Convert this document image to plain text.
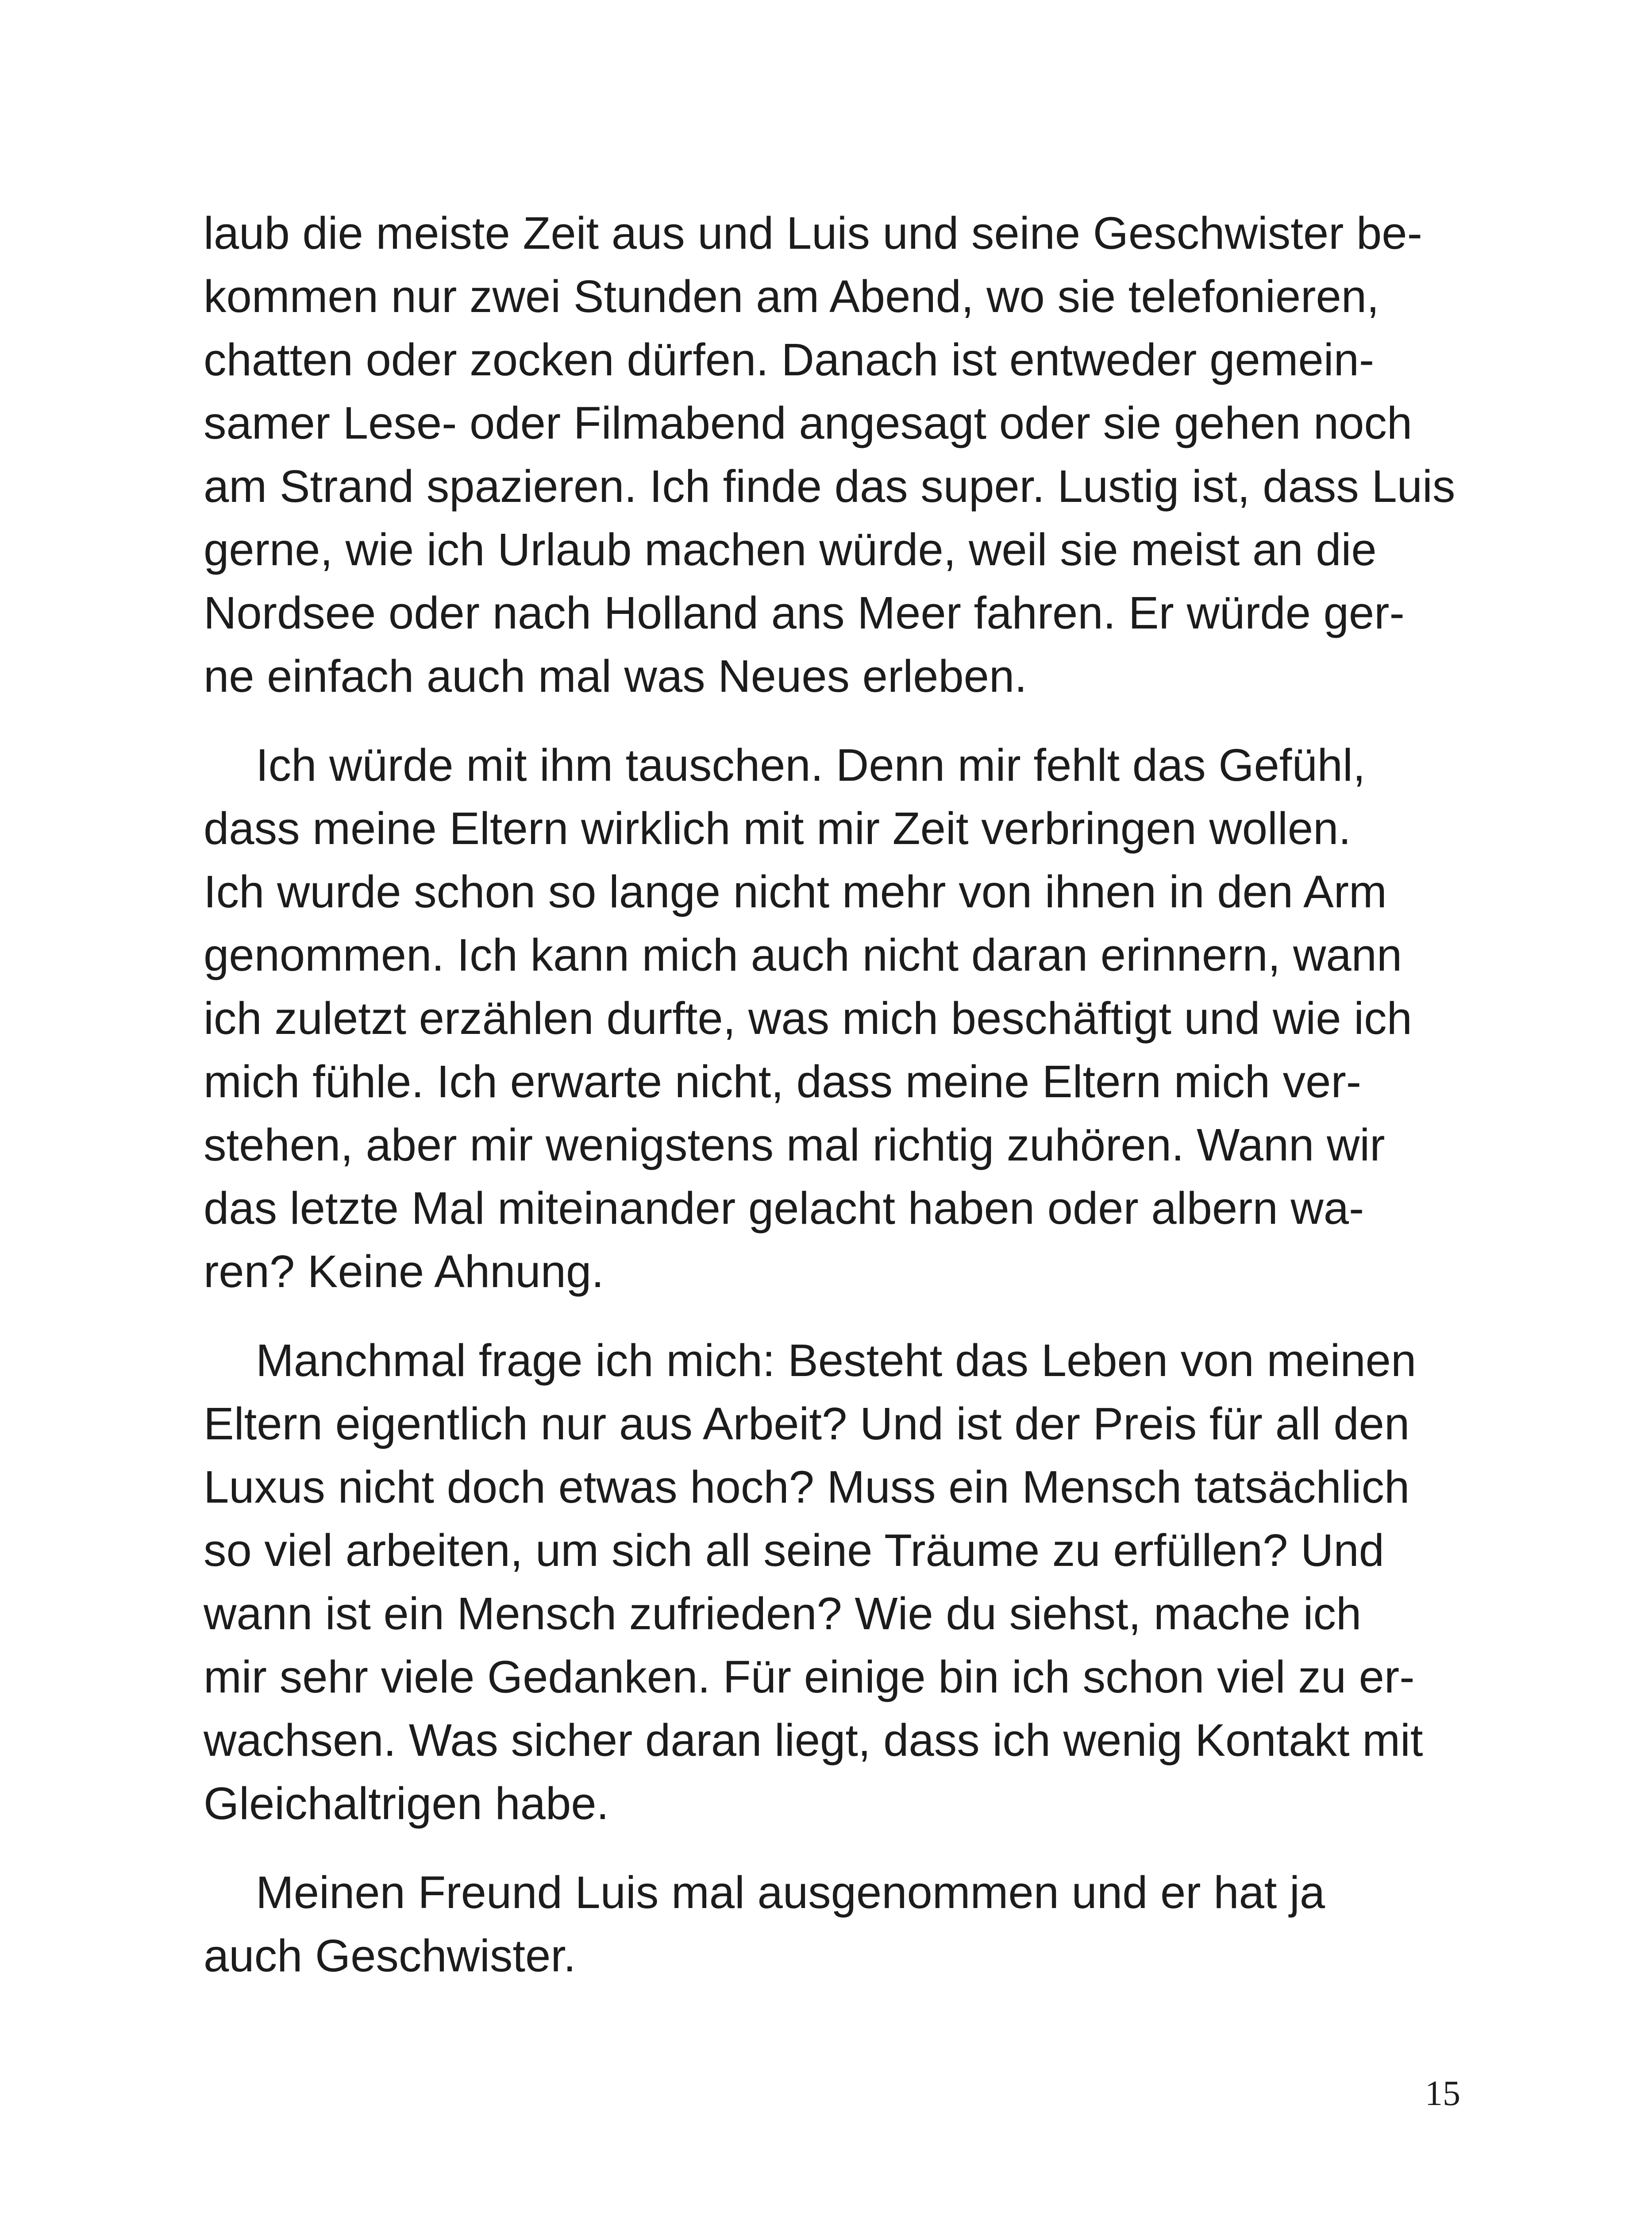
laub die meiste Zeit aus und Luis und seine Geschwister be-
kommen nur zwei Stunden am Abend, wo sie telefonieren,
chatten oder zocken dürfen. Danach ist entweder gemein-
samer Lese- oder Filmabend angesagt oder sie gehen noch
am Strand spazieren. Ich finde das super. Lustig ist, dass Luis
gerne, wie ich Urlaub machen würde, weil sie meist an die
Nordsee oder nach Holland ans Meer fahren. Er würde ger-
ne einfach auch mal was Neues erleben.

Ich würde mit ihm tauschen. Denn mir fehlt das Gefühl,
dass meine Eltern wirklich mit mir Zeit verbringen wollen.
Ich wurde schon so lange nicht mehr von ihnen in den Arm
genommen. Ich kann mich auch nicht daran erinnern, wann
ich zuletzt erzählen durfte, was mich beschäftigt und wie ich
mich fühle. Ich erwarte nicht, dass meine Eltern mich ver-
stehen, aber mir wenigstens mal richtig zuhören. Wann wir
das letzte Mal miteinander gelacht haben oder albern wa-
ren? Keine Ahnung.

Manchmal frage ich mich: Besteht das Leben von meinen
Eltern eigentlich nur aus Arbeit? Und ist der Preis für all den
Luxus nicht doch etwas hoch? Muss ein Mensch tatsächlich
so viel arbeiten, um sich all seine Träume zu erfüllen? Und
wann ist ein Mensch zufrieden? Wie du siehst, mache ich
mir sehr viele Gedanken. Für einige bin ich schon viel zu er-
wachsen. Was sicher daran liegt, dass ich wenig Kontakt mit
Gleichaltrigen habe.

Meinen Freund Luis mal ausgenommen und er hat ja
auch Geschwister.

15
